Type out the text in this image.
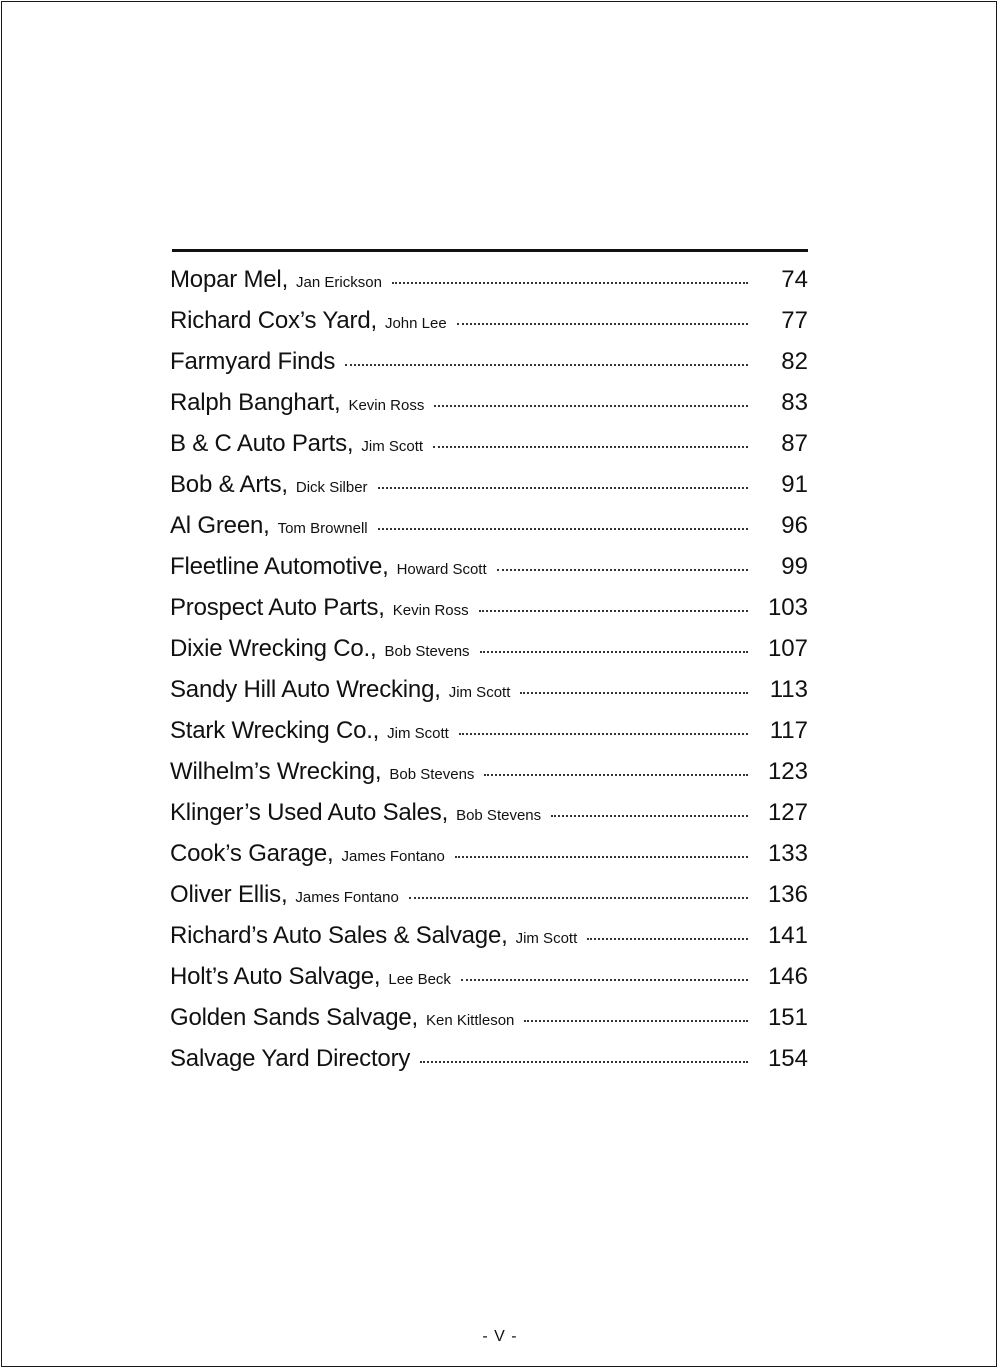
Mopar Mel, Jan Erickson	74
Richard Cox’s Yard, John Lee	77
Farmyard Finds	82
Ralph Banghart, Kevin Ross	83
B & C Auto Parts, Jim Scott	87
Bob & Arts, Dick Silber	91
Al Green, Tom Brownell	96
Fleetline Automotive, Howard Scott	99
Prospect Auto Parts, Kevin Ross	103
Dixie Wrecking Co., Bob Stevens	107
Sandy Hill Auto Wrecking, Jim Scott	113
Stark Wrecking Co., Jim Scott	117
Wilhelm’s Wrecking, Bob Stevens	123
Klinger’s Used Auto Sales, Bob Stevens	127
Cook’s Garage, James Fontano	133
Oliver Ellis, James Fontano	136
Richard’s Auto Sales & Salvage, Jim Scott	141
Holt’s Auto Salvage, Lee Beck	146
Golden Sands Salvage, Ken Kittleson	151
Salvage Yard Directory	154
- V -
